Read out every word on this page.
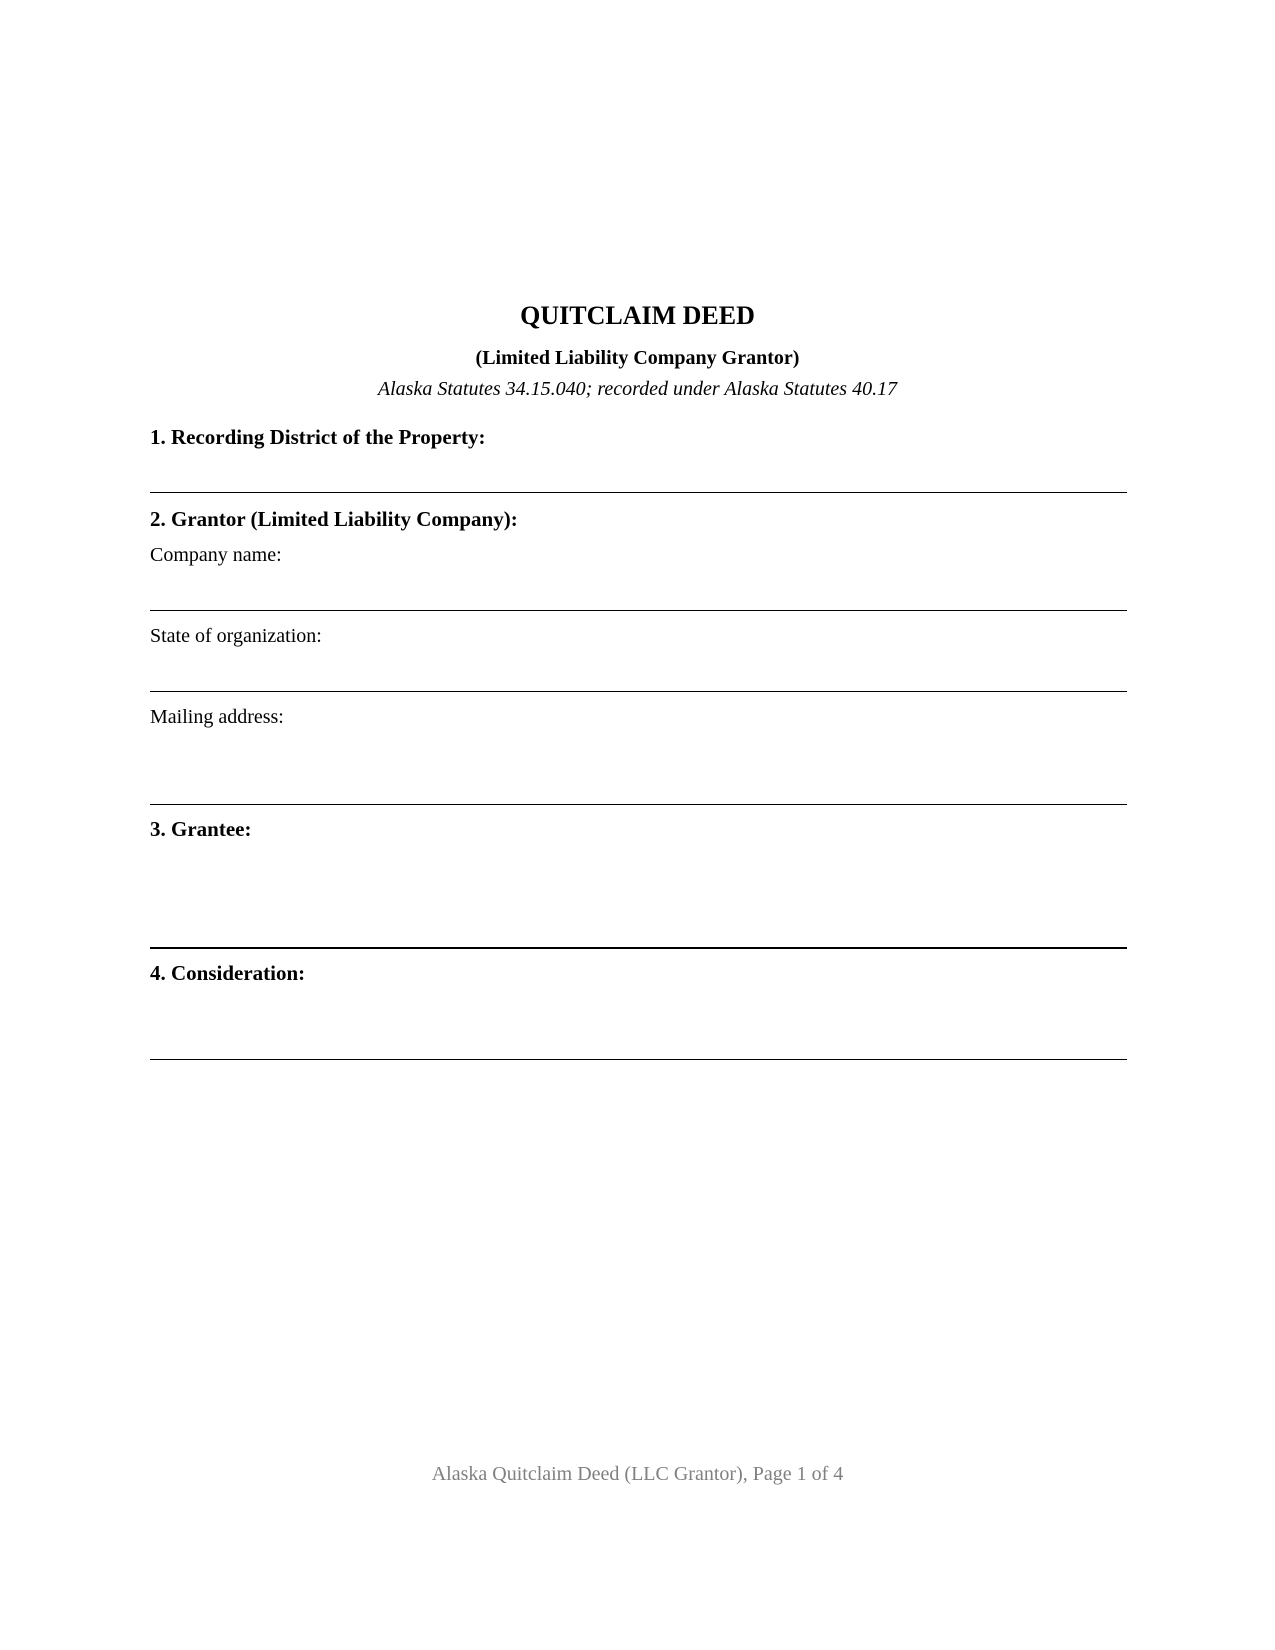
QUITCLAIM DEED
(Limited Liability Company Grantor)
Alaska Statutes 34.15.040; recorded under Alaska Statutes 40.17
1. Recording District of the Property:
2. Grantor (Limited Liability Company):
Company name:
State of organization:
Mailing address:
3. Grantee:
4. Consideration:
Alaska Quitclaim Deed (LLC Grantor), Page 1 of 4
